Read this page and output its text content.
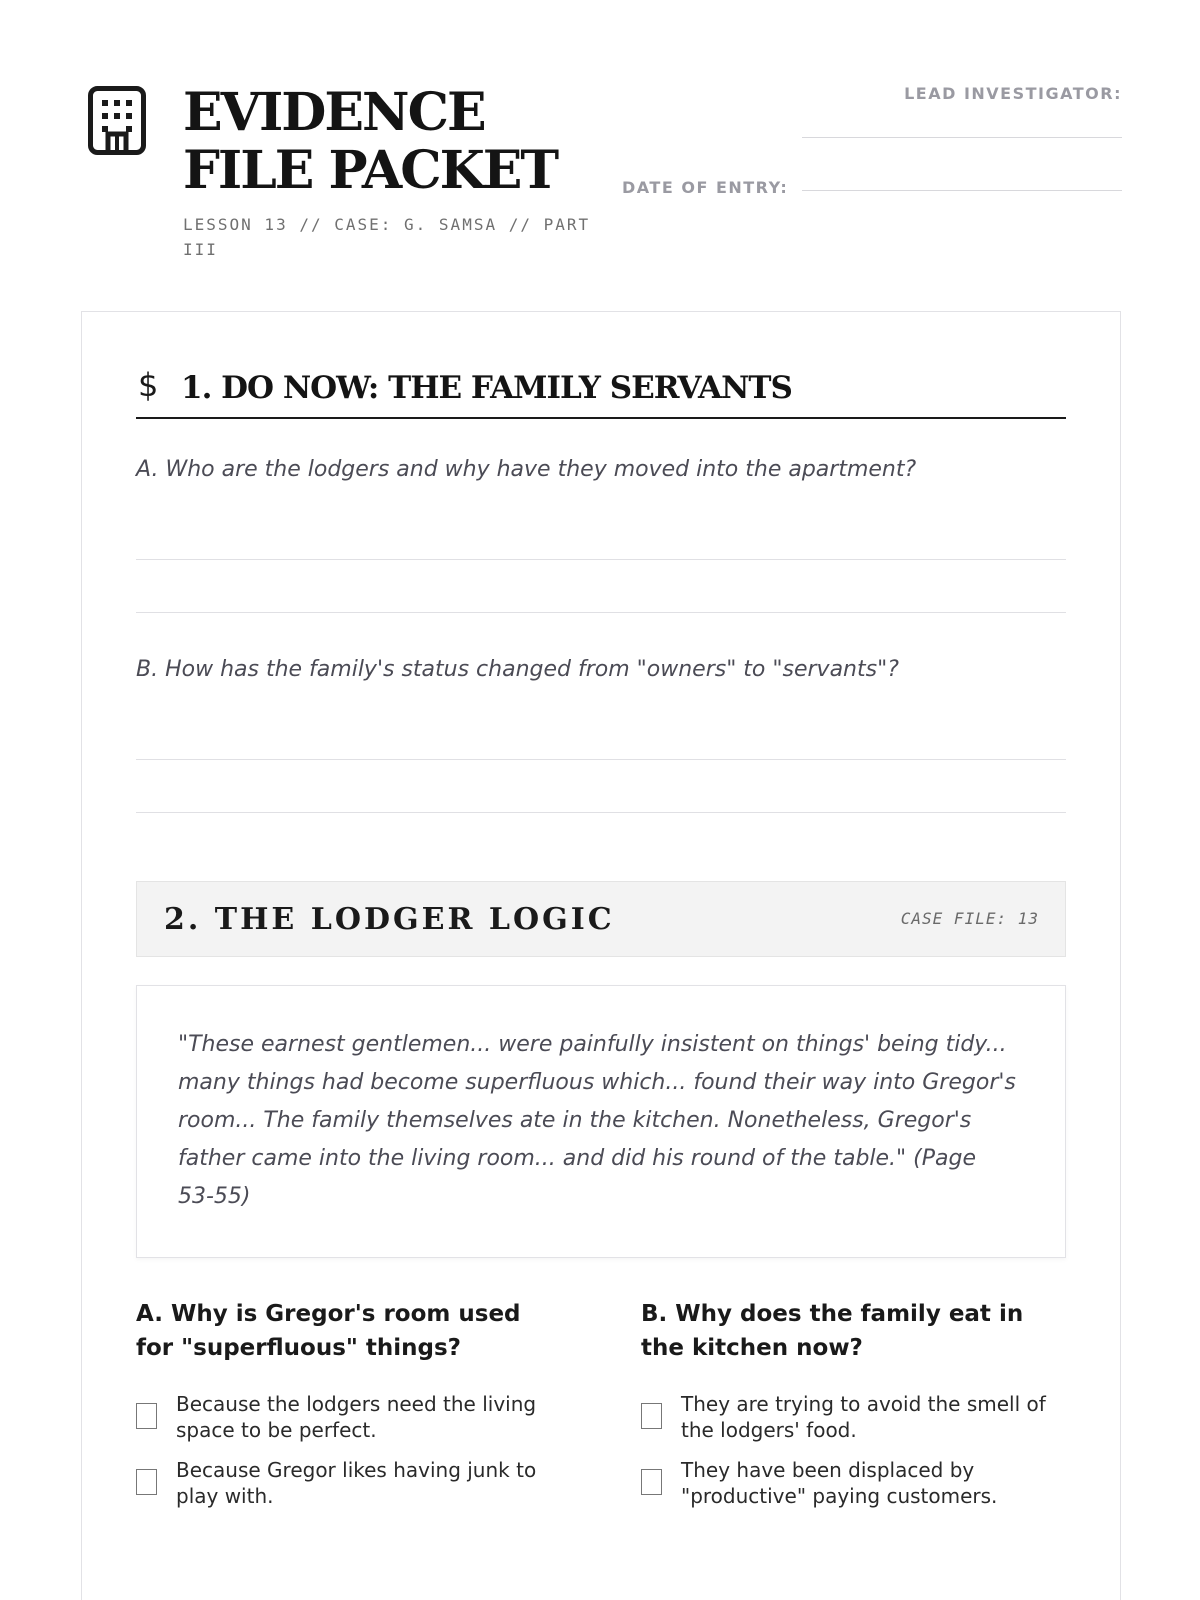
EVIDENCE FILE PACKET
LESSON 13 // CASE: G. SAMSA // PART III
LEAD INVESTIGATOR:
DATE OF ENTRY:
$ 1. DO NOW: THE FAMILY SERVANTS
A. Who are the lodgers and why have they moved into the apartment?
B. How has the family's status changed from "owners" to "servants"?
2. THE LODGER LOGIC	CASE FILE: 13
"These earnest gentlemen... were painfully insistent on things' being tidy... many things had become superfluous which... found their way into Gregor's room... The family themselves ate in the kitchen. Nonetheless, Gregor's father came into the living room... and did his round of the table." (Page 53-55)
A. Why is Gregor's room used for "superfluous" things?
Because the lodgers need the living space to be perfect.
Because Gregor likes having junk to play with.
B. Why does the family eat in the kitchen now?
They are trying to avoid the smell of the lodgers' food.
They have been displaced by "productive" paying customers.
